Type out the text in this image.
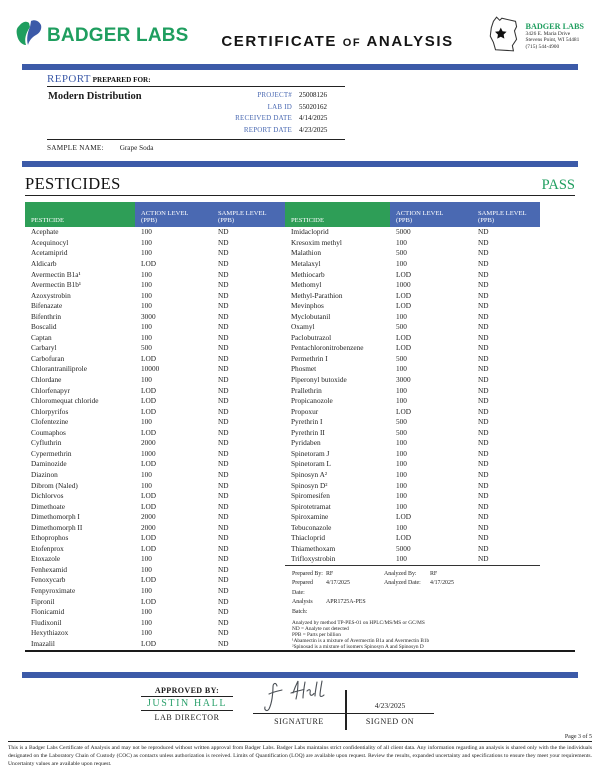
BADGER LABS CERTIFICATE OF ANALYSIS
BADGER LABS
3426 E. Maria Drive
Stevens Point, WI 54481
(715) 544-4900
REPORT PREPARED FOR:
Modern Distribution	PROJECT# 25008126
LAB ID 55020162
RECEIVED DATE 4/14/2025
REPORT DATE 4/23/2025
SAMPLE NAME: Grape Soda
PESTICIDES	PASS
PESTICIDE

ACTION LEVEL
(PPB)

SAMPLE LEVEL
(PPB)

Acephate	100	ND
Acequinocyl	100	ND
Acetamiprid	100	ND
Aldicarb	LOD	ND
Avermectin B1a¹	100	ND
Avermectin B1b¹	100	ND
Azoxystrobin	100	ND
Bifenazate	100	ND
Bifenthrin	3000	ND
Boscalid	100	ND
Captan	100	ND
Carbaryl	500	ND
Carbofuran	LOD	ND
Chlorantraniliprole	10000	ND
Chlordane	100	ND
Chlorfenapyr	LOD	ND
Chloromequat chloride	LOD	ND
Chlorpyrifos	LOD	ND
Clofentezine	100	ND
Coumaphos	LOD	ND
Cyfluthrin	2000	ND
Cypermethrin	1000	ND
Daminozide	LOD	ND
Diazinon	100	ND
Dibrom (Naled)	100	ND
Dichlorvos	LOD	ND
Dimethoate	LOD	ND
Dimethomorph I	2000	ND
Dimethomorph II	2000	ND
Ethoprophos	LOD	ND
Etofenprox	LOD	ND
Etoxazole	100	ND
Fenhexamid	100	ND
Fenoxycarb	LOD	ND
Fenpyroximate	100	ND
Fipronil	LOD	ND
Flonicamid	100	ND
Fludixonil	100	ND
Hexythiazox	100	ND
Imazalil	LOD	ND
PESTICIDE

ACTION LEVEL
(PPB)

SAMPLE LEVEL
(PPB)

Imidacloprid	5000	ND
Kresoxim methyl	100	ND
Malathion	500	ND
Metalaxyl	100	ND
Methiocarb	LOD	ND
Methomyl	1000	ND
Methyl-Parathion	LOD	ND
Mevinphos	LOD	ND
Myclobutanil	100	ND
Oxamyl	500	ND
Paclobutrazol	LOD	ND
Pentachloronitrobenzene	LOD	ND
Permethrin I	500	ND
Phosmet	100	ND
Piperonyl butoxide	3000	ND
Prallethrin	100	ND
Propicanozole	100	ND
Propoxur	LOD	ND
Pyrethrin I	500	ND
Pyrethrin II	500	ND
Pyridaben	100	ND
Spinetoram J	100	ND
Spinetoram L	100	ND
Spinosyn A²	100	ND
Spinosyn D²	100	ND
Spiromesifen	100	ND
Spirotetramat	100	ND
Spiroxamine	LOD	ND
Tebuconazole	100	ND
Thiacloprid	LOD	ND
Thiamethoxam	5000	ND
Trifloxystrobin	100	ND
Prepared By: RF	Analyzed By:	RF
Prepared Date:
4/17/2025	Analyzed Date:	4/17/2025
Analysis Batch:
APR1725A-PES
Analyzed by method TP-PES-01 on HPLC/MS/MS or GC/MS
ND = Analyte not detected
PPB = Parts per billion
¹Abamectin is a mixture of Avermectin B1a and Avermectin B1b
²Spinosad is a mixture of isomers Spinosyn A and Spinosyn D
APPROVED BY:
JUSTIN HALL
LAB DIRECTOR	SIGNATURE
4/23/2025
SIGNED ON
Page 3 of 5
This is a Badger Labs Certificate of Analysis and may not be reproduced without written approval from Badger Labs. Badger Labs maintains strict confidentiality of all client data. Any information regarding an analysis is shared only with the the individuals designated on the Laboratory Chain of Custody (COC) as contacts unless authorization is received. Limits of Quantification (LOQ) are available upon request. Review the results, expanded uncertainty and specifications to ensure they meet your requirements. Uncertainty values are available upon request.
